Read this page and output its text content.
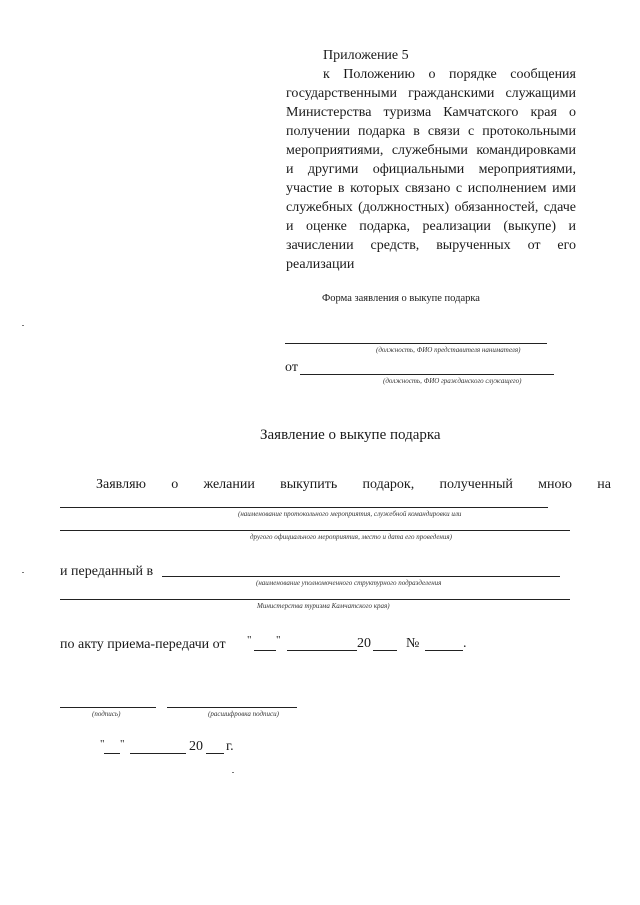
Приложение 5
к Положению о порядке сообщения государственными гражданскими служащими Министерства туризма Камчатского края о получении подарка в связи с протокольными мероприятиями, служебными командировками и другими официальными мероприятиями, участие в которых связано с исполнением ими служебных (должностных) обязанностей, сдаче и оценке подарка, реализации (выкупе) и зачислении средств, вырученных от его реализации
Форма заявления о выкупе подарка
(должность, ФИО представителя нанимателя)
от
(должность, ФИО гражданского служащего)
Заявление о выкупе подарка
Заявляю о желании выкупить подарок, полученный мною на
(наименование протокольного мероприятия, служебной командировки или
другого официального мероприятия, место и дата его проведения)
и переданный в
(наименование уполномоченного структурного подразделения
Министерства туризма Камчатского края)
по акту приема-передачи от " "	20	№	.
(подпись)	(расшифровка подписи)
" "	20 г.
